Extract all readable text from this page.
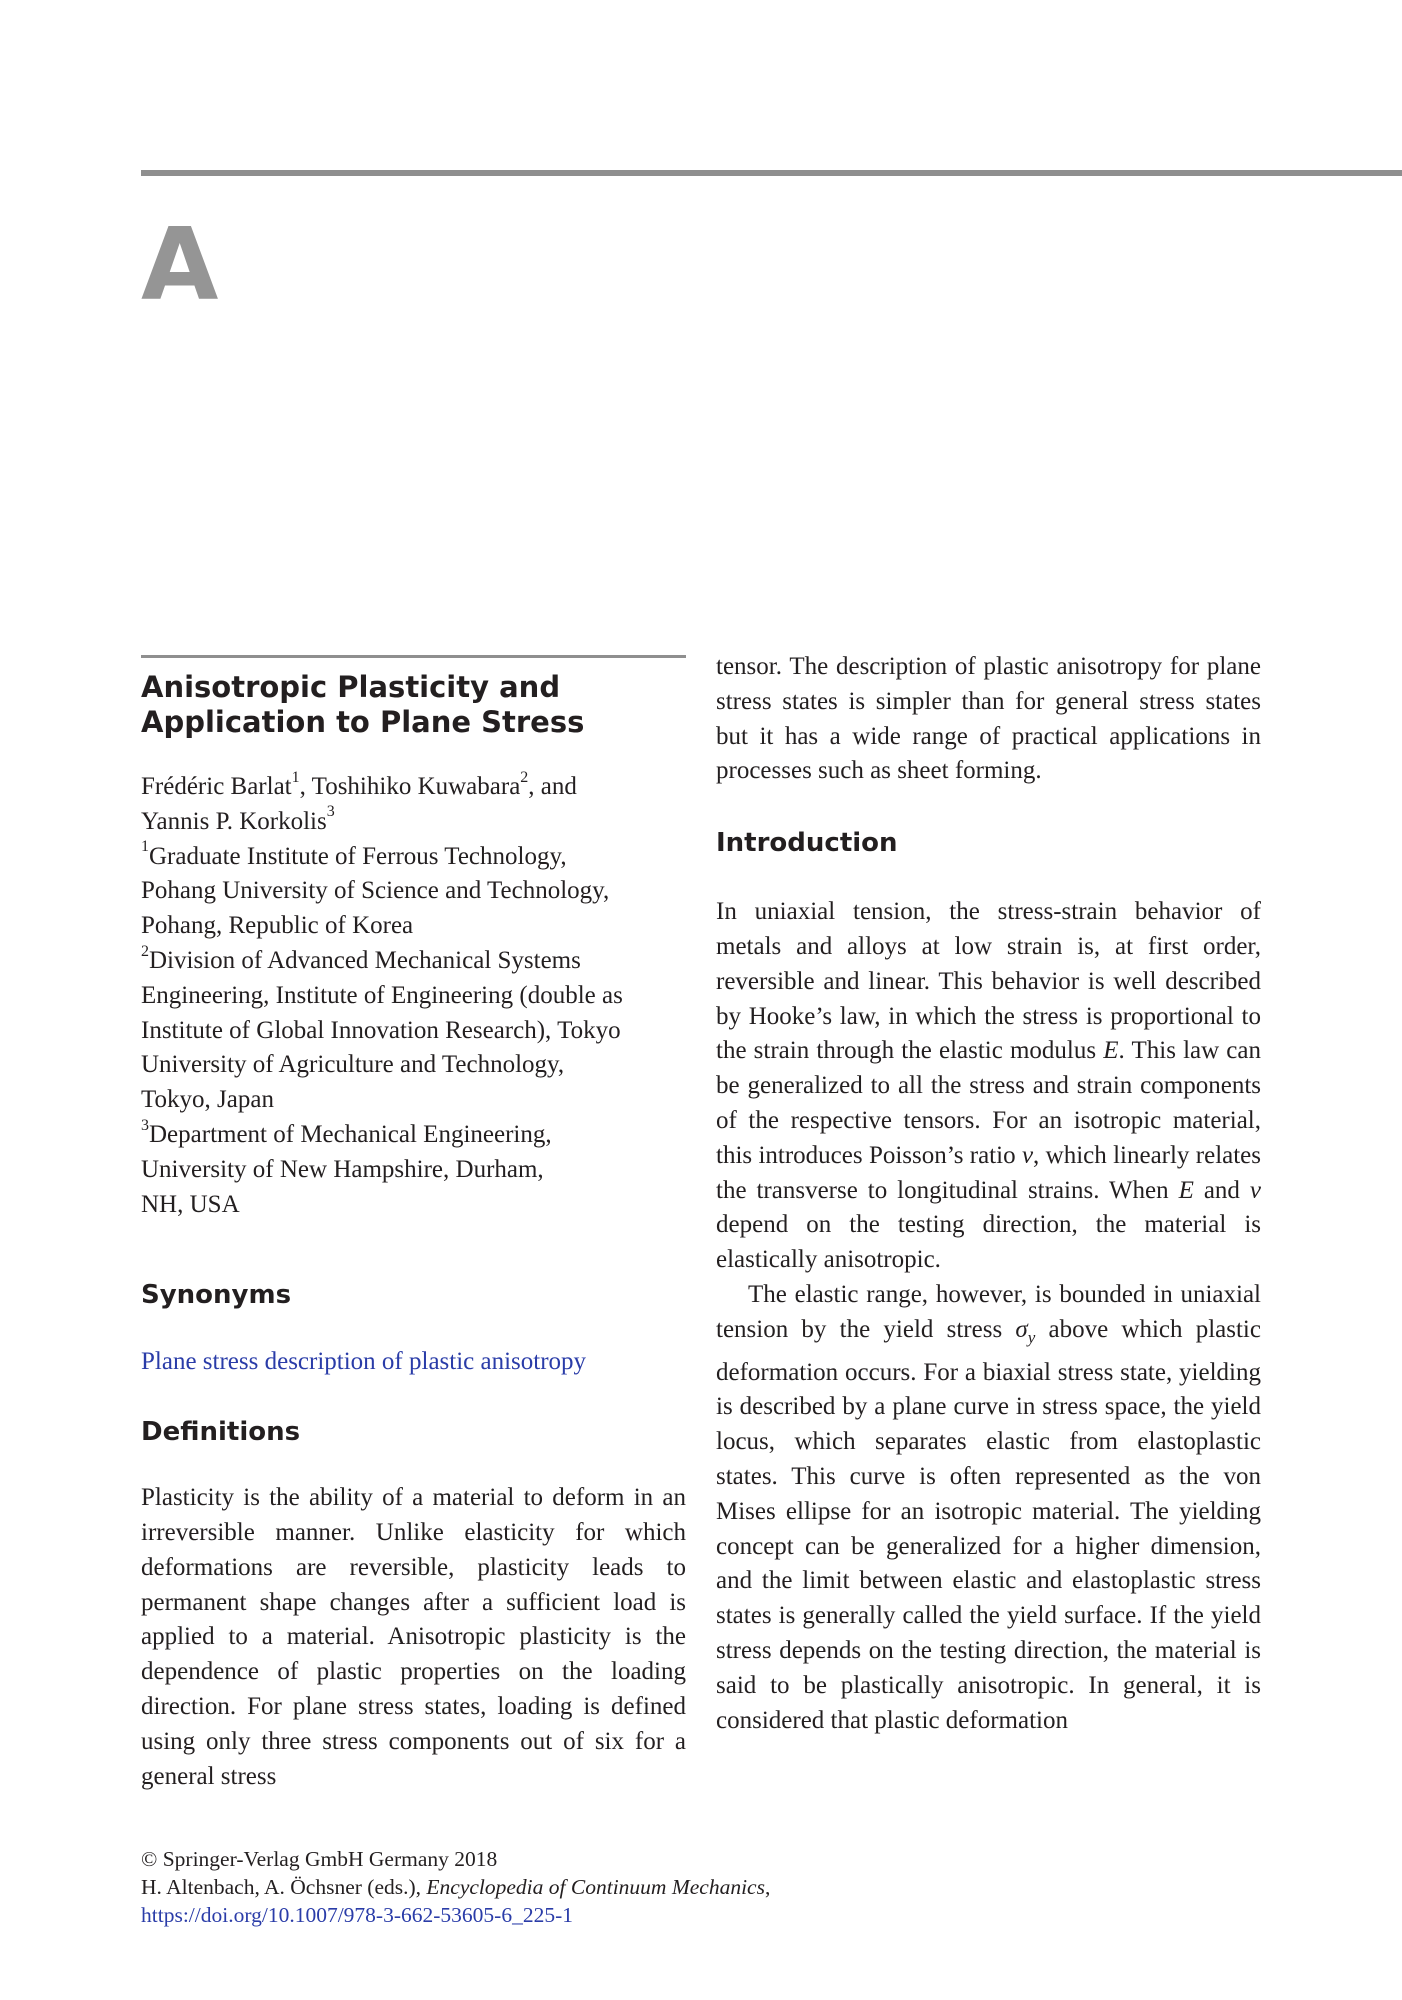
A
Anisotropic Plasticity and
Application to Plane Stress
Frédéric Barlat$^1$, Toshihiko Kuwabara$^2$, and
Yannis P. Korkolis$^3$
$^1$Graduate Institute of Ferrous Technology,
Pohang University of Science and Technology,
Pohang, Republic of Korea
$^2$Division of Advanced Mechanical Systems
Engineering, Institute of Engineering (double as
Institute of Global Innovation Research), Tokyo
University of Agriculture and Technology,
Tokyo, Japan
$^3$Department of Mechanical Engineering,
University of New Hampshire, Durham,
NH, USA
Synonyms
Plane stress description of plastic anisotropy
Definitions
Plasticity is the ability of a material to deform in an irreversible manner. Unlike elasticity for which deformations are reversible, plasticity leads to permanent shape changes after a sufficient load is applied to a material. Anisotropic plasticity is the dependence of plastic properties on the loading direction. For plane stress states, loading is defined using only three stress components out of six for a general stress
tensor. The description of plastic anisotropy for plane stress states is simpler than for general stress states but it has a wide range of practical applications in processes such as sheet forming.
Introduction
In uniaxial tension, the stress-strain behavior of metals and alloys at low strain is, at first order, reversible and linear. This behavior is well described by Hooke’s law, in which the stress is proportional to the strain through the elastic modulus E. This law can be generalized to all the stress and strain components of the respective tensors. For an isotropic material, this introduces Poisson’s ratio ν, which linearly relates the transverse to longitudinal strains. When E and ν depend on the testing direction, the material is elastically anisotropic.
The elastic range, however, is bounded in uniaxial tension by the yield stress $\sigma_y$ above which plastic deformation occurs. For a biaxial stress state, yielding is described by a plane curve in stress space, the yield locus, which separates elastic from elastoplastic states. This curve is often represented as the von Mises ellipse for an isotropic material. The yielding concept can be generalized for a higher dimension, and the limit between elastic and elastoplastic stress states is generally called the yield surface. If the yield stress depends on the testing direction, the material is said to be plastically anisotropic. In general, it is considered that plastic deformation
© Springer-Verlag GmbH Germany 2018
H. Altenbach, A. Öchsner (eds.), Encyclopedia of Continuum Mechanics,
https://doi.org/10.1007/978-3-662-53605-6_225-1
